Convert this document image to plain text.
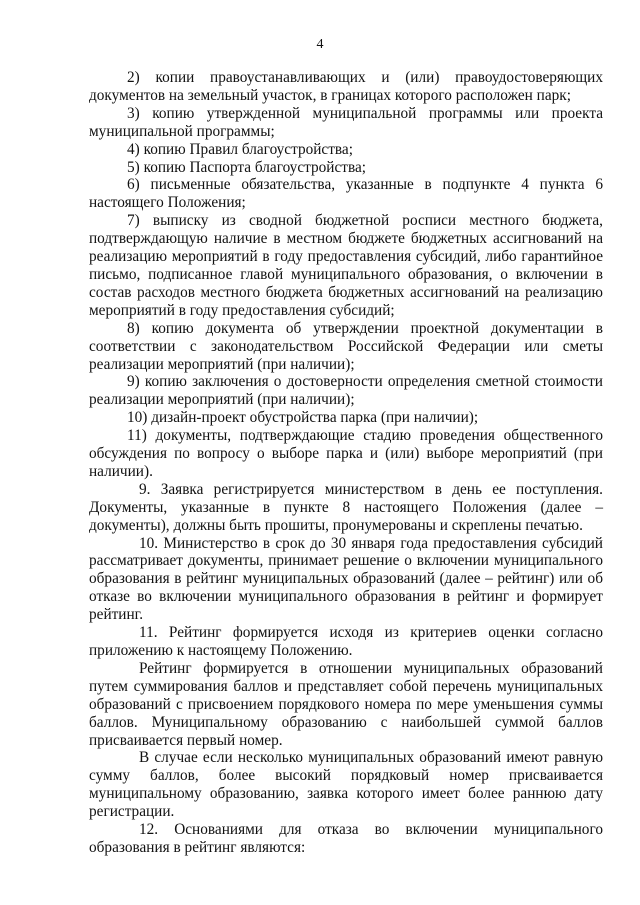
4

2) копии правоустанавливающих и (или) правоудостоверяющих документов на земельный участок, в границах которого расположен парк;

3) копию утвержденной муниципальной программы или проекта муниципальной программы;

4) копию Правил благоустройства;

5) копию Паспорта благоустройства;

6) письменные обязательства, указанные в подпункте 4 пункта 6 настоящего Положения;

7) выписку из сводной бюджетной росписи местного бюджета, подтверждающую наличие в местном бюджете бюджетных ассигнований на реализацию мероприятий в году предоставления субсидий, либо гарантийное письмо, подписанное главой муниципального образования, о включении в состав расходов местного бюджета бюджетных ассигнований на реализацию мероприятий в году предоставления субсидий;

8) копию документа об утверждении проектной документации в соответствии с законодательством Российской Федерации или сметы реализации мероприятий (при наличии);

9) копию заключения о достоверности определения сметной стоимости реализации мероприятий (при наличии);

10) дизайн-проект обустройства парка (при наличии);

11) документы, подтверждающие стадию проведения общественного обсуждения по вопросу о выборе парка и (или) выборе мероприятий (при наличии).

9. Заявка регистрируется министерством в день ее поступления. Документы, указанные в пункте 8 настоящего Положения (далее – документы), должны быть прошиты, пронумерованы и скреплены печатью.

10. Министерство в срок до 30 января года предоставления субсидий рассматривает документы, принимает решение о включении муниципального образования в рейтинг муниципальных образований (далее – рейтинг) или об отказе во включении муниципального образования в рейтинг и формирует рейтинг.

11. Рейтинг формируется исходя из критериев оценки согласно приложению к настоящему Положению.

Рейтинг формируется в отношении муниципальных образований путем суммирования баллов и представляет собой перечень муниципальных образований с присвоением порядкового номера по мере уменьшения суммы баллов. Муниципальному образованию с наибольшей суммой баллов присваивается первый номер.

В случае если несколько муниципальных образований имеют равную сумму баллов, более высокий порядковый номер присваивается муниципальному образованию, заявка которого имеет более раннюю дату регистрации.

12. Основаниями для отказа во включении муниципального образования в рейтинг являются:
